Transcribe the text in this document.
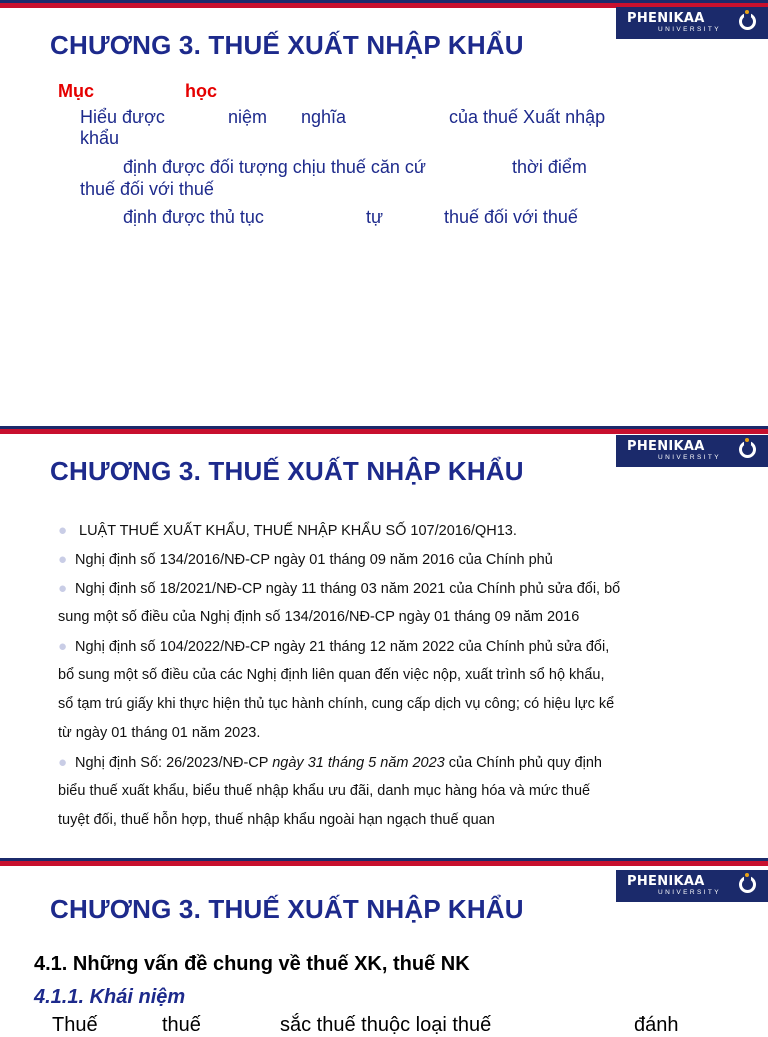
PHENIKAA
UNIVERSITY
CHƯƠNG 3. THUẾ XUẤT NHẬP KHẨU
Mục	học
Hiểu được	niệm nghĩa	của thuế Xuất nhập
khẩu
định được đối tượng chịu thuế căn cứ	thời điểm
thuế đối với thuế
định được thủ tục	tự	thuế đối với thuế
PHENIKAA
UNIVERSITY
CHƯƠNG 3. THUẾ XUẤT NHẬP KHẨU
● LUẬT THUẾ XUẤT KHẨU, THUẾ NHẬP KHẨU SỐ 107/2016/QH13.
● Nghị định số 134/2016/NĐ-CP ngày 01 tháng 09 năm 2016 của Chính phủ
● Nghị định số 18/2021/NĐ-CP ngày 11 tháng 03 năm 2021 của Chính phủ sửa đổi, bổ
sung một số điều của Nghị định số 134/2016/NĐ-CP ngày 01 tháng 09 năm 2016
● Nghị định số 104/2022/NĐ-CP ngày 21 tháng 12 năm 2022 của Chính phủ sửa đổi,
bổ sung một số điều của các Nghị định liên quan đến việc nộp, xuất trình sổ hộ khẩu,
sổ tạm trú giấy khi thực hiện thủ tục hành chính, cung cấp dịch vụ công; có hiệu lực kể
từ ngày 01 tháng 01 năm 2023.
● Nghị định Số: 26/2023/NĐ-CP ngày 31 tháng 5 năm 2023 của Chính phủ quy định
biểu thuế xuất khẩu, biểu thuế nhập khẩu ưu đãi, danh mục hàng hóa và mức thuế
tuyệt đối, thuế hỗn hợp, thuế nhập khẩu ngoài hạn ngạch thuế quan
PHENIKAA
UNIVERSITY
CHƯƠNG 3. THUẾ XUẤT NHẬP KHẨU
4.1. Những vấn đề chung về thuế XK, thuế NK
4.1.1. Khái niệm
Thuế	thuế	sắc thuế thuộc loại thuế	đánh
